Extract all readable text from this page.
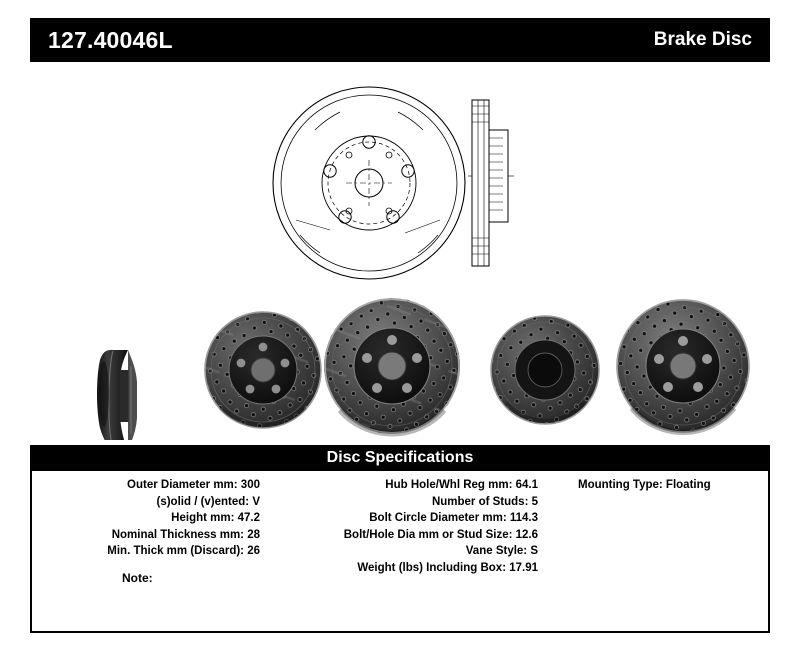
127.40046L	Brake Disc
Disc Specifications
Outer Diameter mm: 300
(s)olid / (v)ented: V
Height mm: 47.2
Nominal Thickness mm: 28
Min. Thick mm (Discard): 26
Hub Hole/Whl Reg mm: 64.1
Number of Studs: 5
Bolt Circle Diameter mm: 114.3
Bolt/Hole Dia mm or Stud Size: 12.6
Vane Style: S
Weight (lbs) Including Box: 17.91
Mounting Type: Floating
Note:
